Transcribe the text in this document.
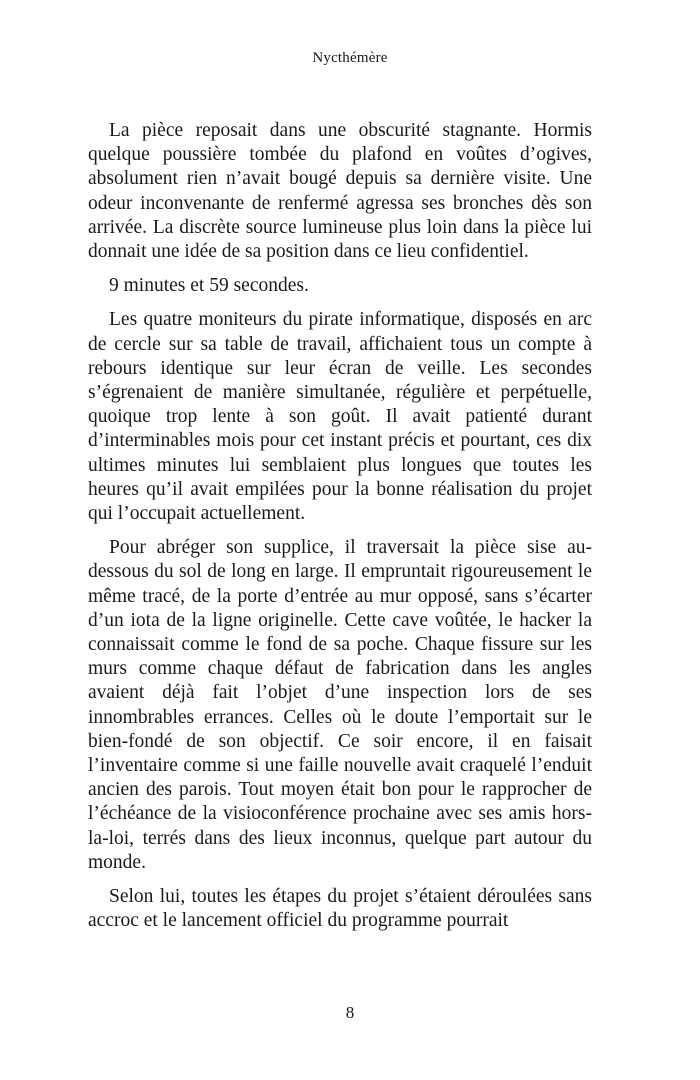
Nycthémère

La pièce reposait dans une obscurité stagnante. Hormis quelque poussière tombée du plafond en voûtes d’ogives, absolument rien n’avait bougé depuis sa dernière visite. Une odeur inconvenante de renfermé agressa ses bronches dès son arrivée. La discrète source lumineuse plus loin dans la pièce lui donnait une idée de sa position dans ce lieu confidentiel.

9 minutes et 59 secondes.

Les quatre moniteurs du pirate informatique, disposés en arc de cercle sur sa table de travail, affichaient tous un compte à rebours identique sur leur écran de veille. Les secondes s’égrenaient de manière simultanée, régulière et perpétuelle, quoique trop lente à son goût. Il avait patienté durant d’interminables mois pour cet instant précis et pourtant, ces dix ultimes minutes lui semblaient plus longues que toutes les heures qu’il avait empilées pour la bonne réalisation du projet qui l’occupait actuellement.

Pour abréger son supplice, il traversait la pièce sise au-dessous du sol de long en large. Il empruntait rigoureusement le même tracé, de la porte d’entrée au mur opposé, sans s’écarter d’un iota de la ligne originelle. Cette cave voûtée, le hacker la connaissait comme le fond de sa poche. Chaque fissure sur les murs comme chaque défaut de fabrication dans les angles avaient déjà fait l’objet d’une inspection lors de ses innombrables errances. Celles où le doute l’emportait sur le bien-fondé de son objectif. Ce soir encore, il en faisait l’inventaire comme si une faille nouvelle avait craquelé l’enduit ancien des parois. Tout moyen était bon pour le rapprocher de l’échéance de la visioconférence prochaine avec ses amis hors-la-loi, terrés dans des lieux inconnus, quelque part autour du monde.

Selon lui, toutes les étapes du projet s’étaient déroulées sans accroc et le lancement officiel du programme pourrait

8
